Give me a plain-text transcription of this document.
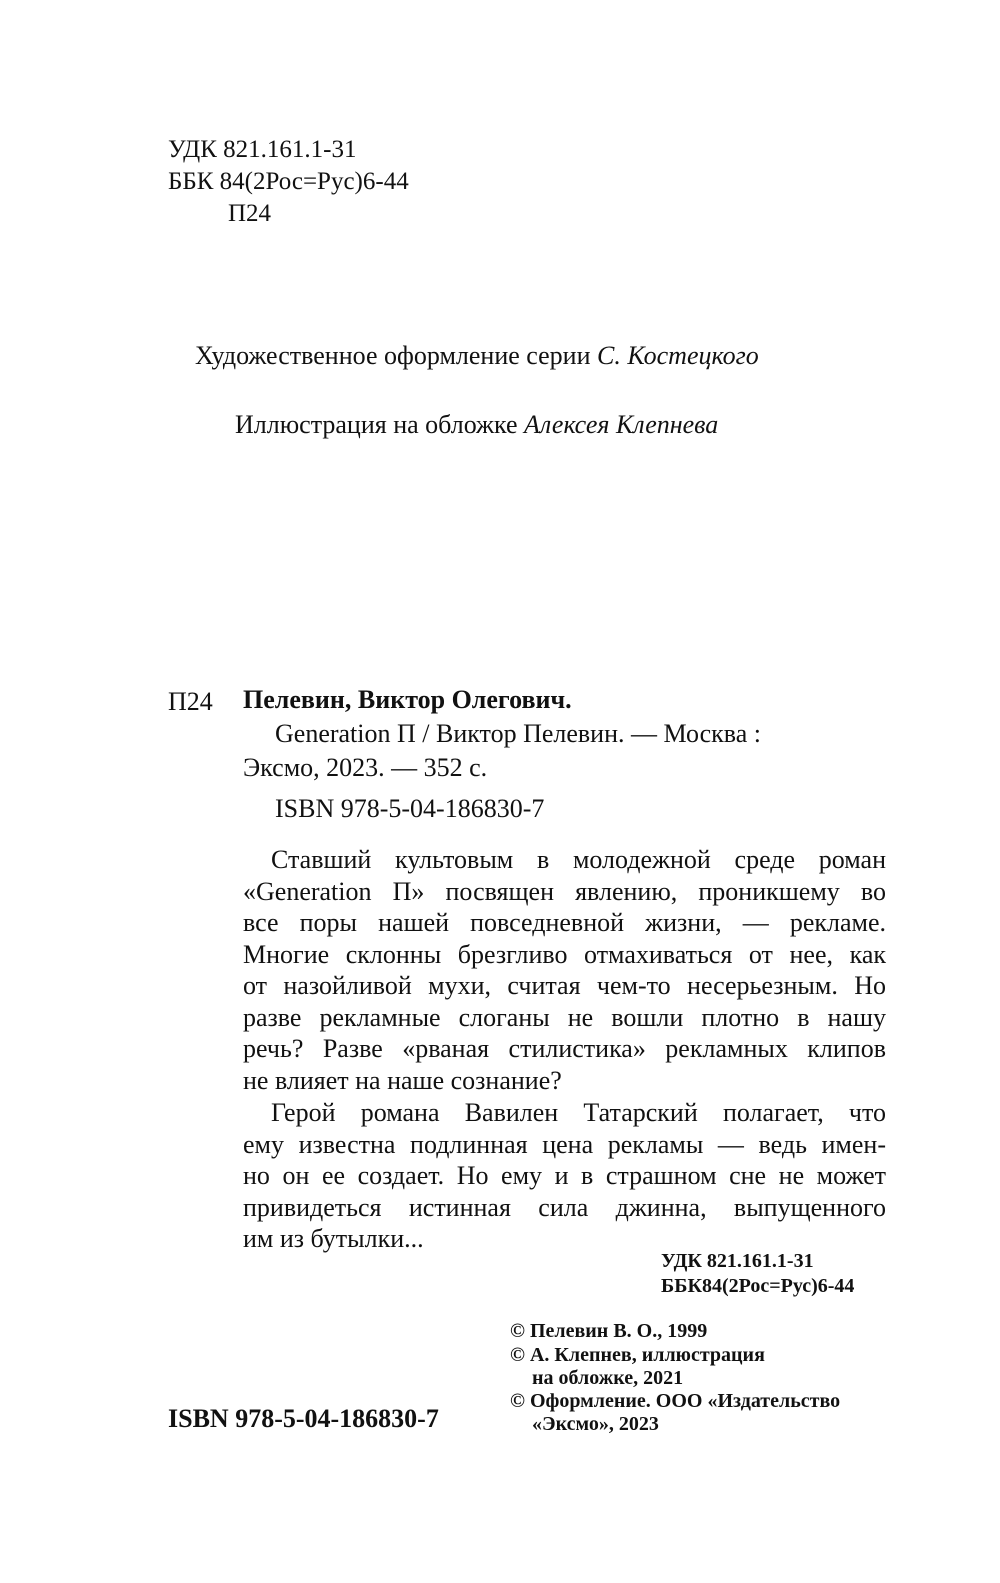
УДК 821.161.1-31
ББК 84(2Рос=Рус)6-44
П24
Художественное оформление серии С. Костецкого
Иллюстрация на обложке Алексея Клепнева
П24 Пелевин, Виктор Олегович.
Generation П / Виктор Пелевин. — Москва :
Эксмо, 2023. — 352 с.
ISBN 978-5-04-186830-7
Ставший культовым в молодежной среде роман
«Generation П» посвящен явлению, проникшему во
все поры нашей повседневной жизни, — рекламе.
Многие склонны брезгливо отмахиваться от нее, как
от назойливой мухи, считая чем-то несерьезным. Но
разве рекламные слоганы не вошли плотно в нашу
речь? Разве «рваная стилистика» рекламных клипов
не влияет на наше сознание?
Герой романа Вавилен Татарский полагает, что
ему известна подлинная цена рекламы — ведь имен-
но он ее создает. Но ему и в страшном сне не может
привидеться истинная сила джинна, выпущенного
им из бутылки...
УДК 821.161.1-31
ББК84(2Рос=Рус)6-44
© Пелевин В. О., 1999
© А. Клепнев, иллюстрация
на обложке, 2021
© Оформление. ООО «Издательство
«Эксмо», 2023
ISBN 978-5-04-186830-7
